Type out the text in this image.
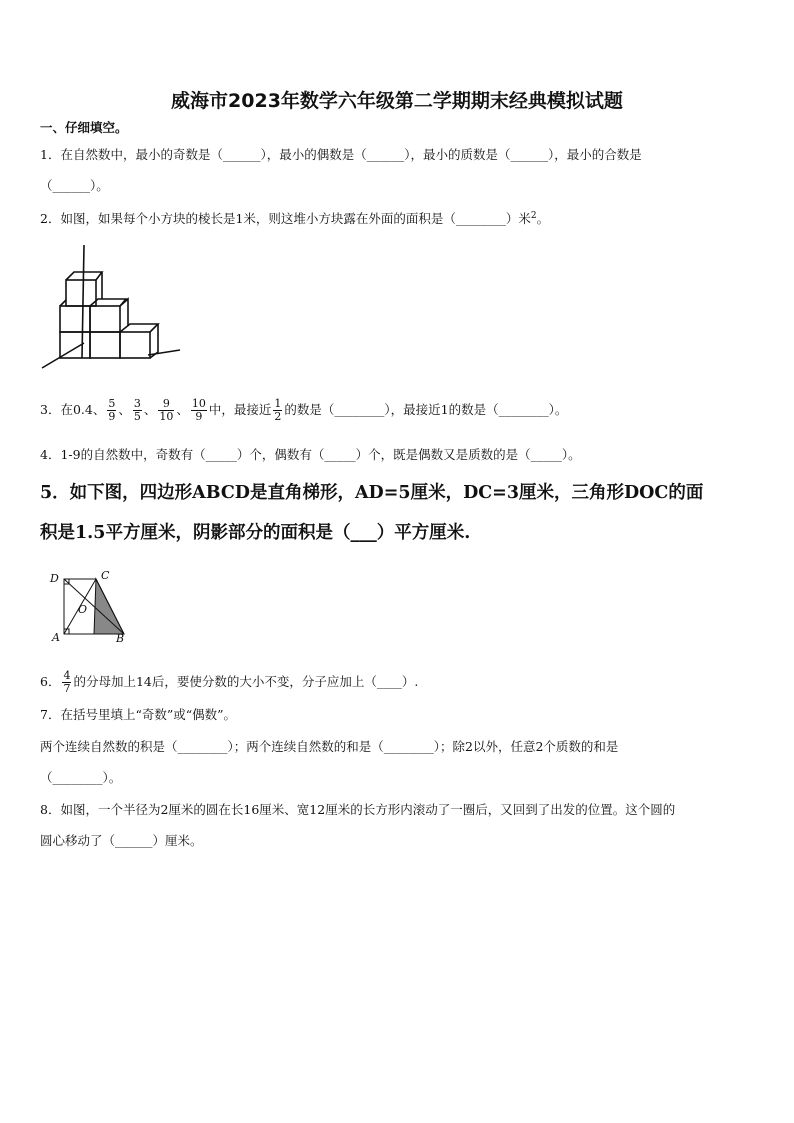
威海市2023年数学六年级第二学期期末经典模拟试题
一、仔细填空。
1．在自然数中，最小的奇数是（______），最小的偶数是（______），最小的质数是（______），最小的合数是
（______）。
2．如图，如果每个小方块的棱长是1米，则这堆小方块露在外面的面积是（________）米$^2$。
3．在0.4、 $\frac{5}{9}$ 、 $\frac{3}{5}$ 、 $\frac{9}{10}$ 、 $\frac{10}{9}$ 中，最接近 $\frac{1}{2}$ 的数是（________），最接近1的数是（________）。
4．1-9的自然数中，奇数有（_____）个，偶数有（_____）个，既是偶数又是质数的是（_____）。
5．如下图，四边形ABCD是直角梯形，AD=5厘米，DC=3厘米，三角形DOC的面
积是1.5平方厘米，阴影部分的面积是（___）平方厘米.
D	C
O
A	B
6． $\frac{4}{7}$ 的分母加上14后，要使分数的大小不变，分子应加上（____）.
7．在括号里填上“奇数”或“偶数”。
两个连续自然数的积是（________）；两个连续自然数的和是（________）；除2以外，任意2个质数的和是
（________）。
8．如图，一个半径为2厘米的圆在长16厘米、宽12厘米的长方形内滚动了一圈后，又回到了出发的位置。这个圆的
圆心移动了（______）厘米。
